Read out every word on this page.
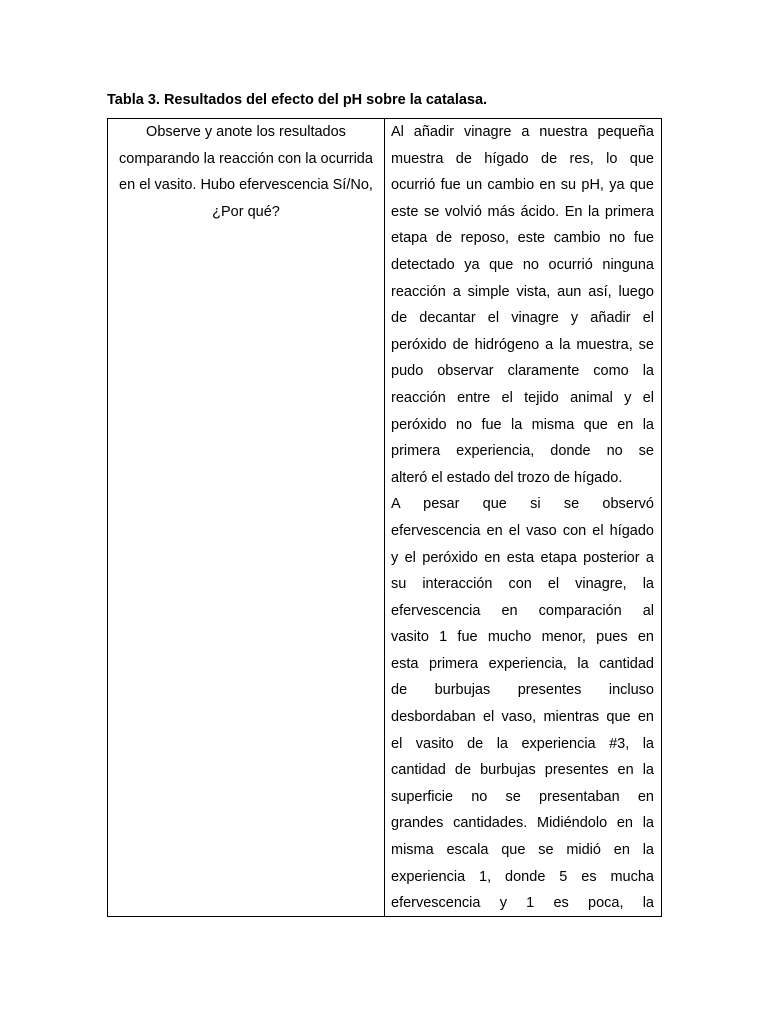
Tabla 3. Resultados del efecto del pH sobre la catalasa.
Observe y anote los resultados comparando la reacción con la ocurrida en el vasito. Hubo efervescencia Sí/No, ¿Por qué?
Al añadir vinagre a nuestra pequeña
muestra de hígado de res, lo que
ocurrió fue un cambio en su pH, ya que
este se volvió más ácido. En la primera
etapa de reposo, este cambio no fue
detectado ya que no ocurrió ninguna
reacción a simple vista, aun así, luego
de decantar el vinagre y añadir el
peróxido de hidrógeno a la muestra, se
pudo observar claramente como la
reacción entre el tejido animal y el
peróxido no fue la misma que en la
primera experiencia, donde no se
alteró el estado del trozo de hígado.
A pesar que si se observó
efervescencia en el vaso con el hígado
y el peróxido en esta etapa posterior a
su interacción con el vinagre, la
efervescencia en comparación al
vasito 1 fue mucho menor, pues en
esta primera experiencia, la cantidad
de burbujas presentes incluso
desbordaban el vaso, mientras que en
el vasito de la experiencia #3, la
cantidad de burbujas presentes en la
superficie no se presentaban en
grandes cantidades. Midiéndolo en la
misma escala que se midió en la
experiencia 1, donde 5 es mucha
efervescencia y 1 es poca, la
